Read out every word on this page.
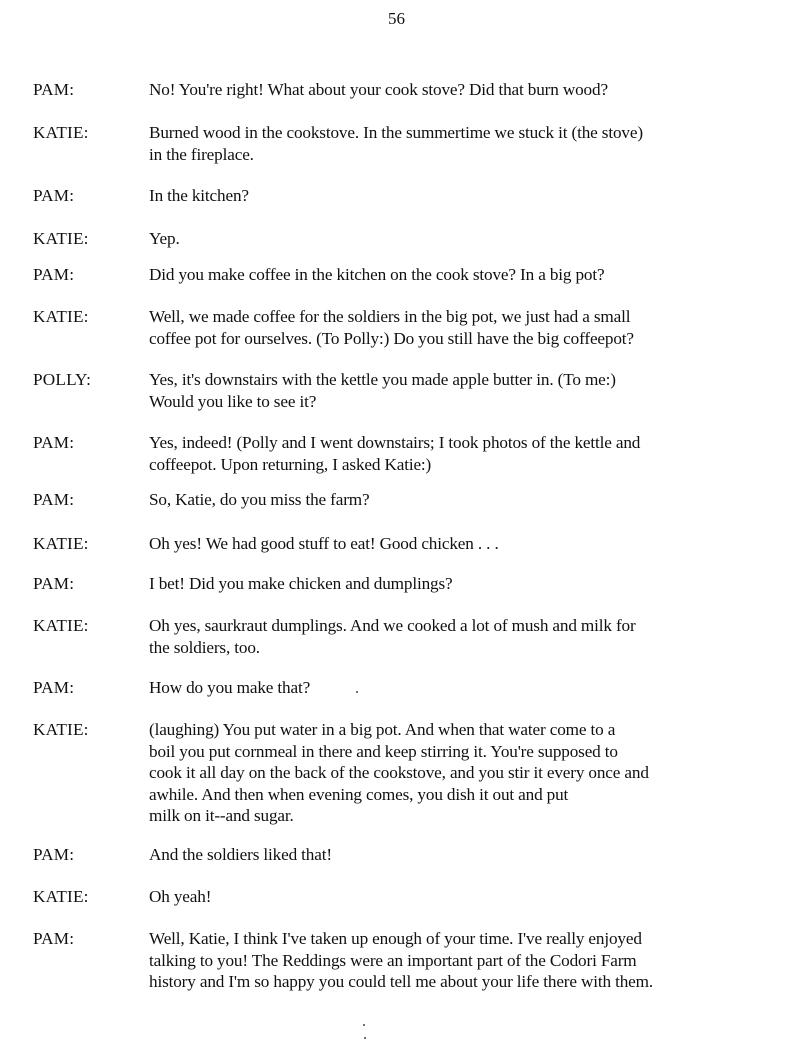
56
PAM:	No! You're right! What about your cook stove? Did that burn wood?
KATIE:	Burned wood in the cookstove. In the summertime we stuck it (the stove)
in the fireplace.
PAM:	In the kitchen?
KATIE:	Yep.
PAM:	Did you make coffee in the kitchen on the cook stove? In a big pot?
KATIE:	Well, we made coffee for the soldiers in the big pot, we just had a small
coffee pot for ourselves. (To Polly:) Do you still have the big coffeepot?
POLLY:	Yes, it's downstairs with the kettle you made apple butter in. (To me:)
Would you like to see it?
PAM:	Yes, indeed! (Polly and I went downstairs; I took photos of the kettle and
coffeepot. Upon returning, I asked Katie:)
PAM:	So, Katie, do you miss the farm?
KATIE:	Oh yes! We had good stuff to eat! Good chicken . . .
PAM:	I bet! Did you make chicken and dumplings?
KATIE:	Oh yes, saurkraut dumplings. And we cooked a lot of mush and milk for
the soldiers, too.
PAM:	How do you make that?
KATIE:	(laughing) You put water in a big pot. And when that water come to a
boil you put cornmeal in there and keep stirring it. You're supposed to
cook it all day on the back of the cookstove, and you stir it every once and
awhile. And then when evening comes, you dish it out and put
milk on it--and sugar.
PAM:	And the soldiers liked that!
KATIE:	Oh yeah!
PAM:	Well, Katie, I think I've taken up enough of your time. I've really enjoyed
talking to you! The Reddings were an important part of the Codori Farm
history and I'm so happy you could tell me about your life there with them.
